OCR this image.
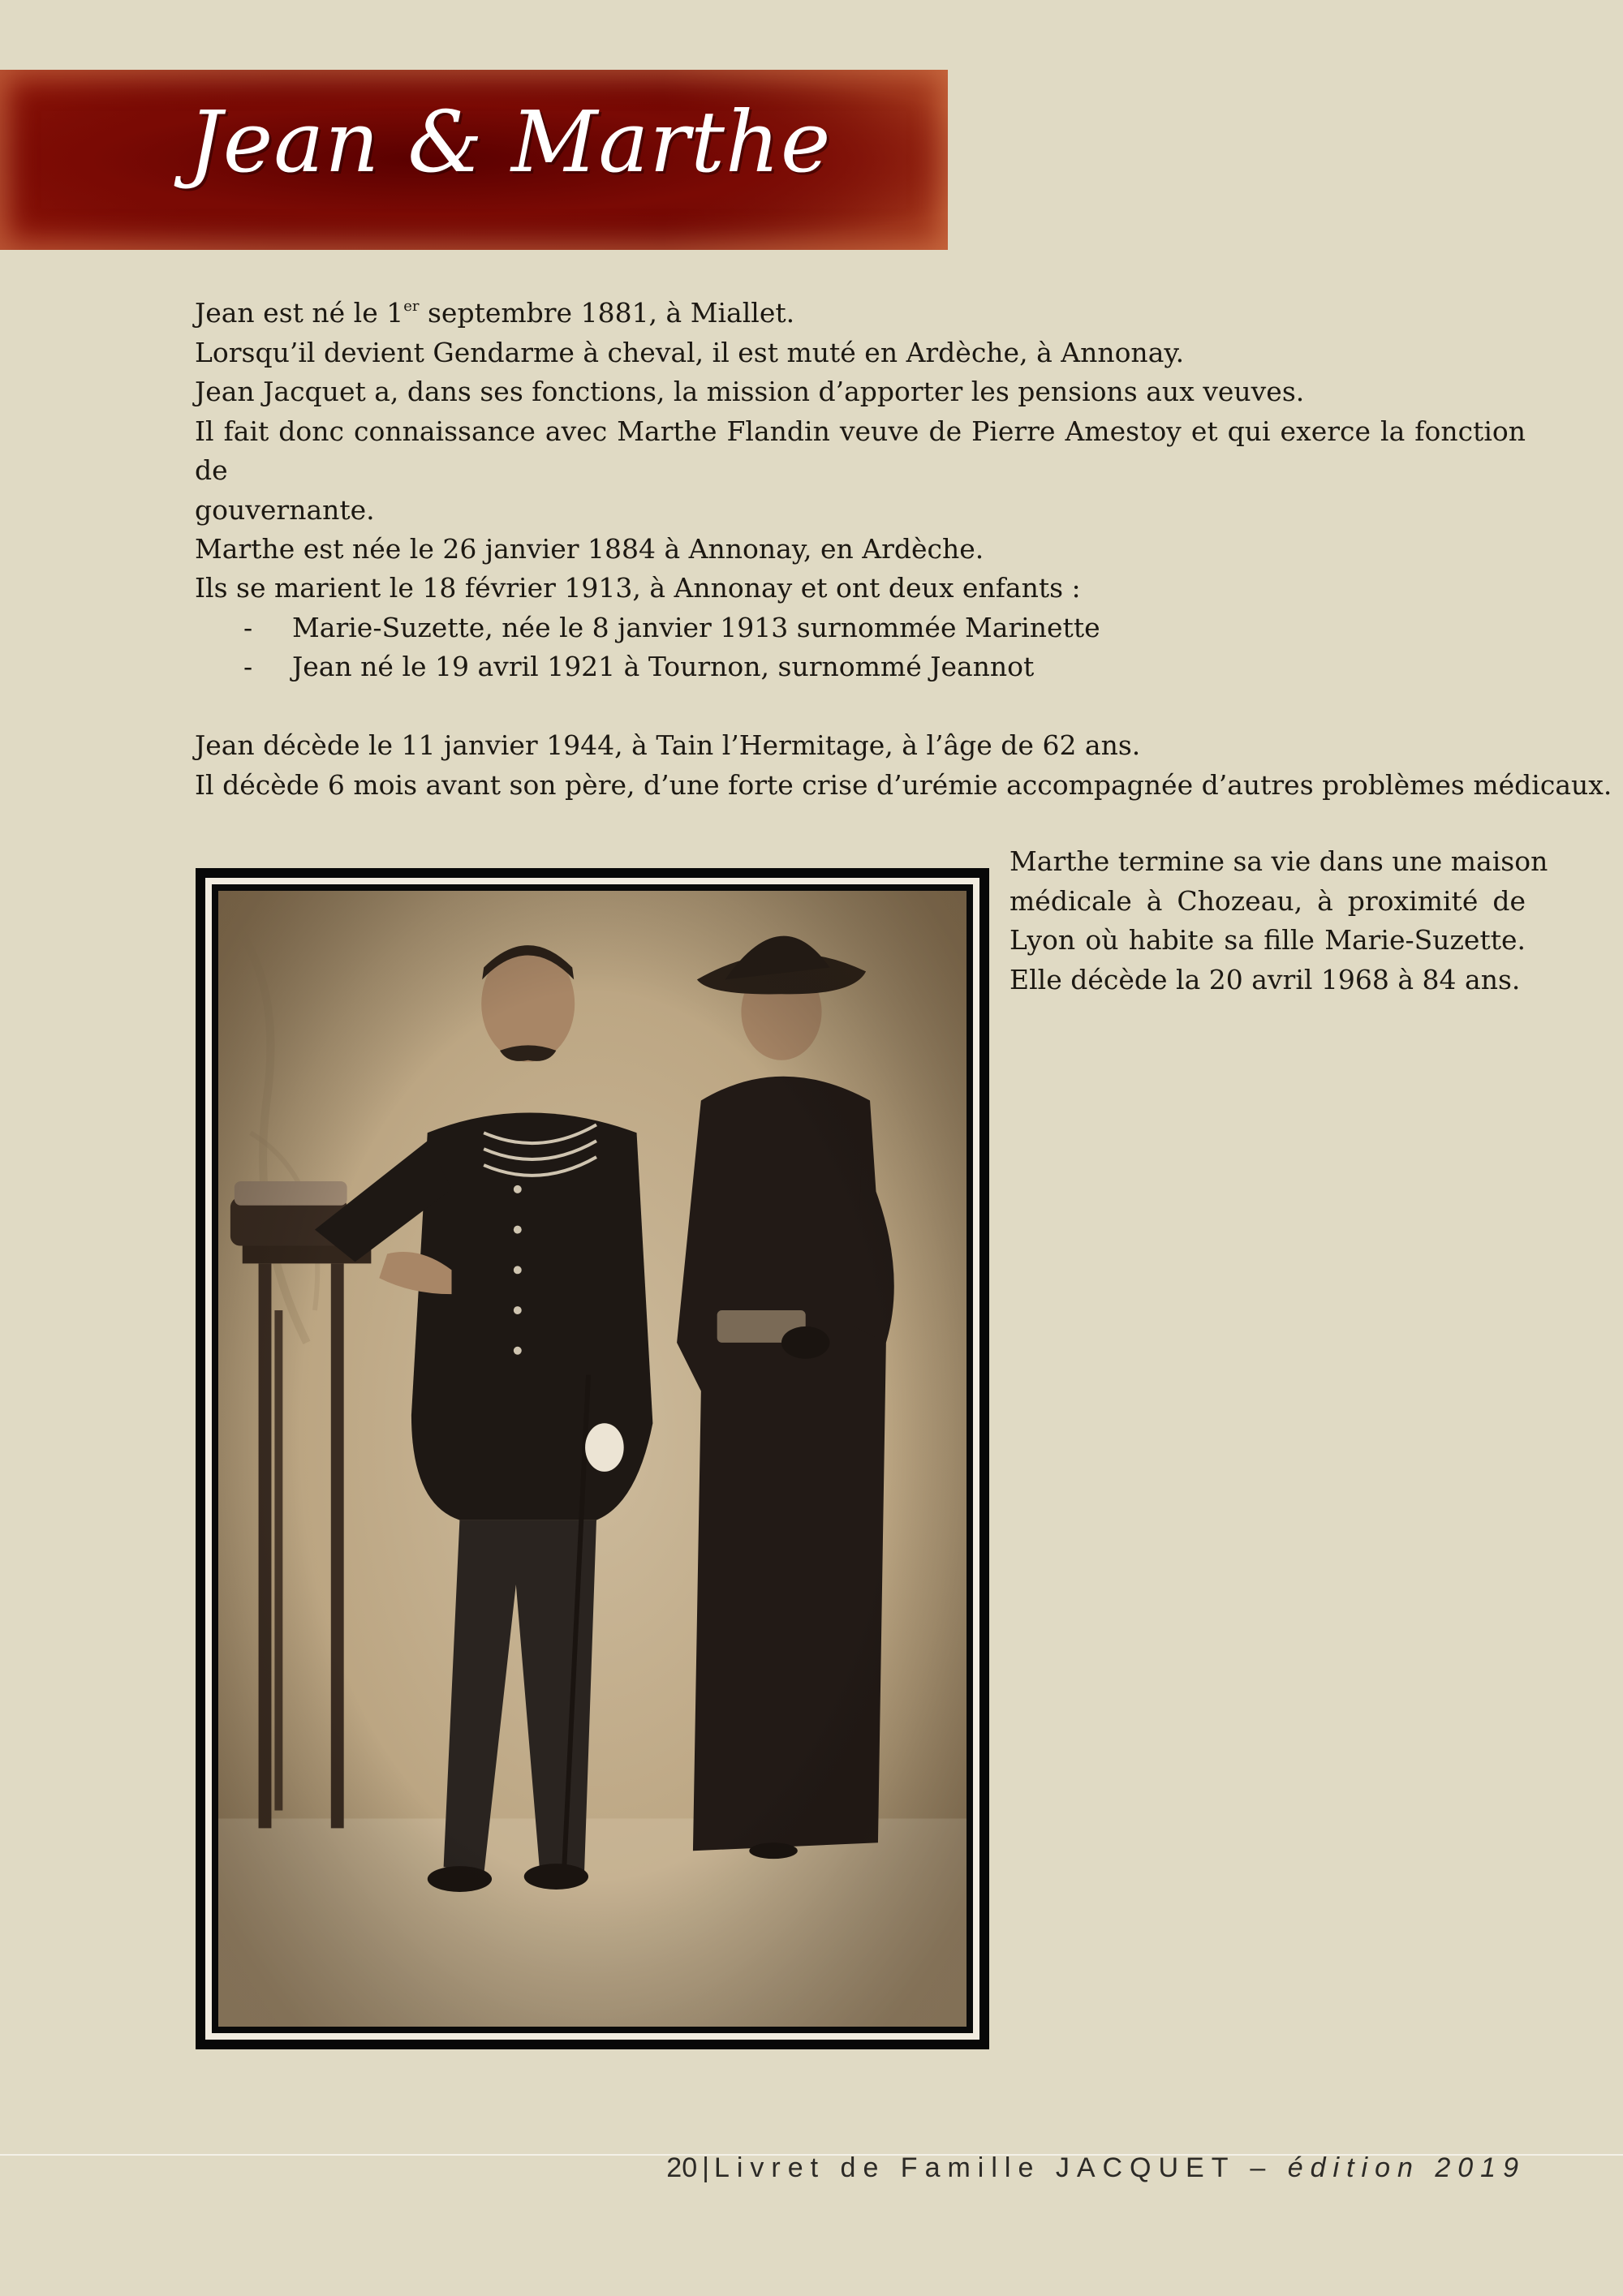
Jean & Marthe
Jean est né le 1er septembre 1881, à Miallet.
Lorsqu’il devient Gendarme à cheval, il est muté en Ardèche, à Annonay.
Jean Jacquet a, dans ses fonctions, la mission d’apporter les pensions aux veuves.
Il fait donc connaissance avec Marthe Flandin veuve de Pierre Amestoy et qui exerce la fonction de
gouvernante.
Marthe est née le 26 janvier 1884 à Annonay, en Ardèche.
Ils se marient le 18 février 1913, à Annonay et ont deux enfants :
- Marie-Suzette, née le 8 janvier 1913 surnommée Marinette
- Jean né le 19 avril 1921 à Tournon, surnommé Jeannot
Jean décède le 11 janvier 1944, à Tain l’Hermitage, à l’âge de 62 ans.
Il décède 6 mois avant son père, d’une forte crise d’urémie accompagnée d’autres problèmes médicaux.
Marthe termine sa vie dans une maison
médicale à Chozeau, à proximité de
Lyon où habite sa fille Marie-Suzette.
Elle décède la 20 avril 1968 à 84 ans.
20 | Livret de Famille JACQUET – édition 2019
